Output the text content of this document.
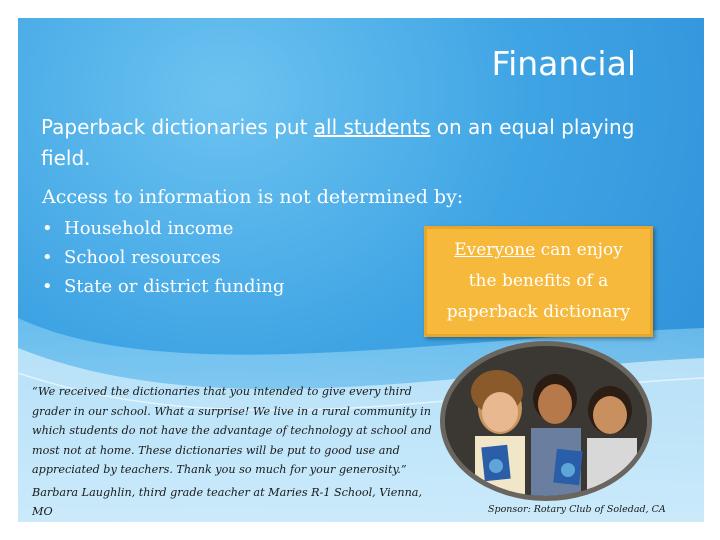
Financial
Paperback dictionaries put all students on an equal playing field.
Access to information is not determined by:
• Household income
• School resources
• State or district funding
Everyone can enjoy
the benefits of a
paperback dictionary
“We received the dictionaries that you intended to give every third grader in our school. What a surprise! We live in a rural community in which students do not have the advantage of technology at school and most not at home. These dictionaries will be put to good use and appreciated by teachers. Thank you so much for your generosity.”
Barbara Laughlin, third grade teacher at Maries R-1 School, Vienna, MO	Sponsor: Rotary Club of Soledad, CA
